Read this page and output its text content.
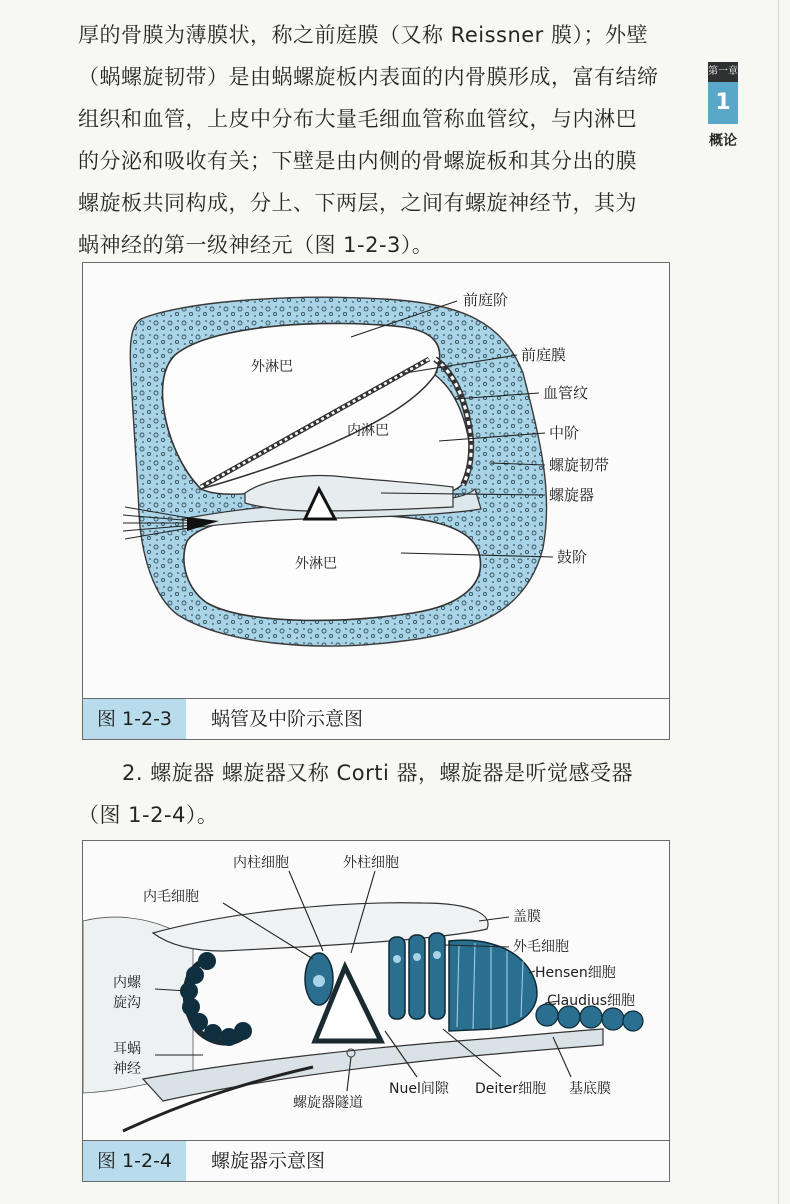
厚的骨膜为薄膜状，称之前庭膜（又称 Reissner 膜）；外壁
（蜗螺旋韧带）是由蜗螺旋板内表面的内骨膜形成，富有结缔
组织和血管，上皮中分布大量毛细血管称血管纹，与内淋巴
的分泌和吸收有关；下壁是由内侧的骨螺旋板和其分出的膜
螺旋板共同构成，分上、下两层，之间有螺旋神经节，其为
蜗神经的第一级神经元（图 1-2-3）。
第一章
1
概论
前庭阶
前庭膜
血管纹
中阶
螺旋韧带
螺旋器
鼓阶
外淋巴
内淋巴
外淋巴
图 1-2-3	蜗管及中阶示意图
2. 螺旋器 螺旋器又称 Corti 器，螺旋器是听觉感受器
（图 1-2-4）。
内柱细胞	外柱细胞
内毛细胞
盖膜
外毛细胞
Hensen细胞
Claudius细胞
内螺
旋沟
耳蜗
神经
螺旋器隧道
Nuel间隙 Deiter细胞 基底膜
图 1-2-4	螺旋器示意图
